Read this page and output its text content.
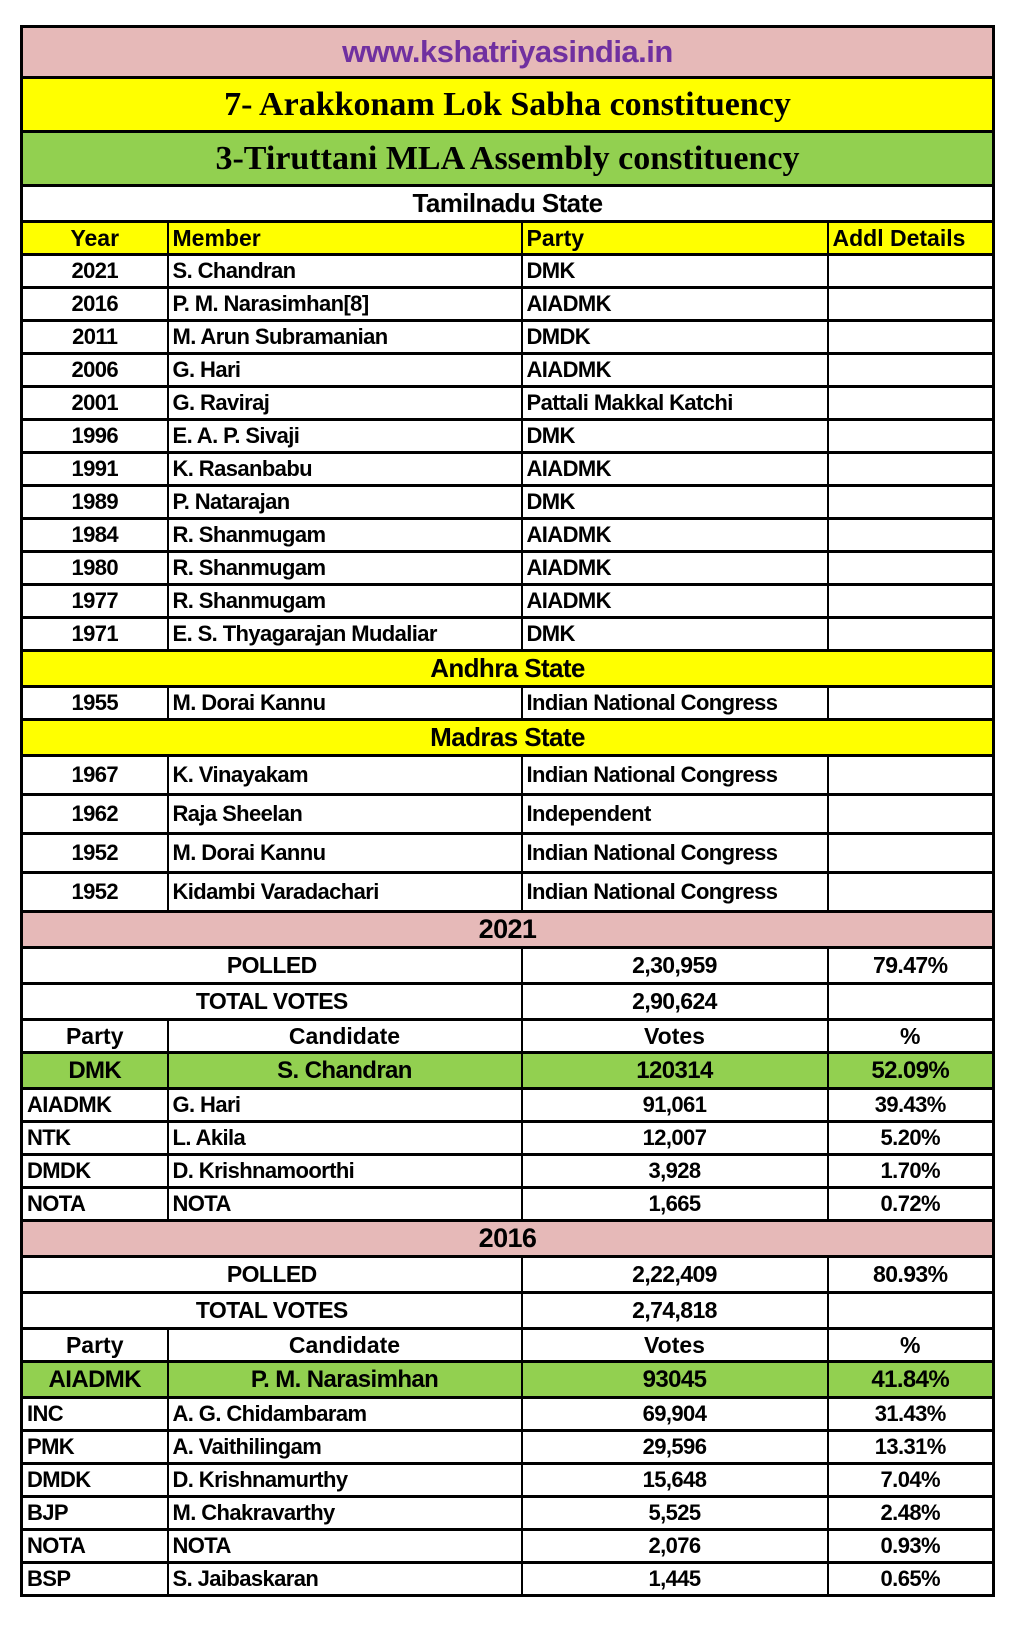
www.kshatriyasindia.in			
7- Arakkonam Lok Sabha constituency			
3-Tiruttani MLA Assembly constituency			
Tamilnadu State			
Year	Member	Party	Addl Details
2021	S. Chandran	DMK	
2016	P. M. Narasimhan[8]	AIADMK	
2011	M. Arun Subramanian	DMDK	
2006	G. Hari	AIADMK	
2001	G. Raviraj	Pattali Makkal Katchi	
1996	E. A. P. Sivaji	DMK	
1991	K. Rasanbabu	AIADMK	
1989	P. Natarajan	DMK	
1984	R. Shanmugam	AIADMK	
1980	R. Shanmugam	AIADMK	
1977	R. Shanmugam	AIADMK	
1971	E. S. Thyagarajan Mudaliar	DMK	
Andhra State			
1955	M. Dorai Kannu	Indian National Congress	
Madras State			
1967	K. Vinayakam	Indian National Congress	
1962	Raja Sheelan	Independent	
1952	M. Dorai Kannu	Indian National Congress	
1952	Kidambi Varadachari	Indian National Congress	
2021			
POLLED		2,30,959	79.47%
TOTAL VOTES		2,90,624	
Party	Candidate	Votes	%
DMK	S. Chandran	120314	52.09%
AIADMK	G. Hari	91,061	39.43%
NTK	L. Akila	12,007	5.20%
DMDK	D. Krishnamoorthi	3,928	1.70%
NOTA	NOTA	1,665	0.72%
2016			
POLLED		2,22,409	80.93%
TOTAL VOTES		2,74,818	
Party	Candidate	Votes	%
AIADMK	P. M. Narasimhan	93045	41.84%
INC	A. G. Chidambaram	69,904	31.43%
PMK	A. Vaithilingam	29,596	13.31%
DMDK	D. Krishnamurthy	15,648	7.04%
BJP	M. Chakravarthy	5,525	2.48%
NOTA	NOTA	2,076	0.93%
BSP	S. Jaibaskaran	1,445	0.65%
